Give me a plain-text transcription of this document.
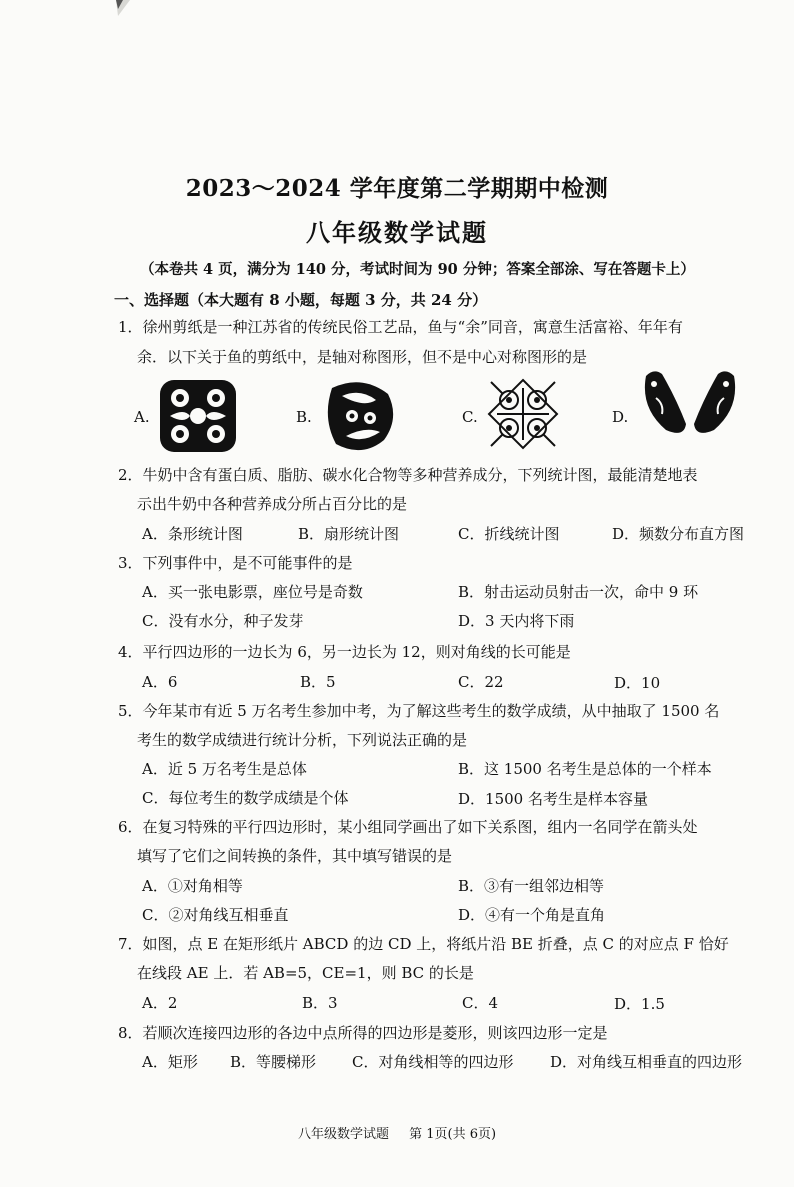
2023～2024 学年度第二学期期中检测
八年级数学试题
（本卷共 4 页，满分为 140 分，考试时间为 90 分钟；答案全部涂、写在答题卡上）
一、选择题（本大题有 8 小题，每题 3 分，共 24 分）
1．徐州剪纸是一种江苏省的传统民俗工艺品，鱼与“余”同音，寓意生活富裕、年年有
余．以下关于鱼的剪纸中，是轴对称图形，但不是中心对称图形的是
A.	B.	C.	D.
2．牛奶中含有蛋白质、脂肪、碳水化合物等多种营养成分，下列统计图，最能清楚地表
示出牛奶中各种营养成分所占百分比的是
A．条形统计图	B．扇形统计图	C．折线统计图	D．频数分布直方图
3．下列事件中，是不可能事件的是
A．买一张电影票，座位号是奇数	B．射击运动员射击一次，命中 9 环
C．没有水分，种子发芽	D．3 天内将下雨
4．平行四边形的一边长为 6，另一边长为 12，则对角线的长可能是
A．6	B．5	C．22	D．10
5．今年某市有近 5 万名考生参加中考，为了解这些考生的数学成绩，从中抽取了 1500 名
考生的数学成绩进行统计分析，下列说法正确的是
A．近 5 万名考生是总体	B．这 1500 名考生是总体的一个样本
C．每位考生的数学成绩是个体	D．1500 名考生是样本容量
6．在复习特殊的平行四边形时，某小组同学画出了如下关系图，组内一名同学在箭头处
填写了它们之间转换的条件，其中填写错误的是
A．①对角相等	B．③有一组邻边相等
C．②对角线互相垂直	D．④有一个角是直角
7．如图，点 E 在矩形纸片 ABCD 的边 CD 上，将纸片沿 BE 折叠，点 C 的对应点 F 恰好
在线段 AE 上．若 AB=5，CE=1，则 BC 的长是
A．2	B．3	C．4	D．1.5
8．若顺次连接四边形的各边中点所得的四边形是菱形，则该四边形一定是
A．矩形 B．等腰梯形 C．对角线相等的四边形 D．对角线互相垂直的四边形
八年级数学试题 第 1页(共 6页)
